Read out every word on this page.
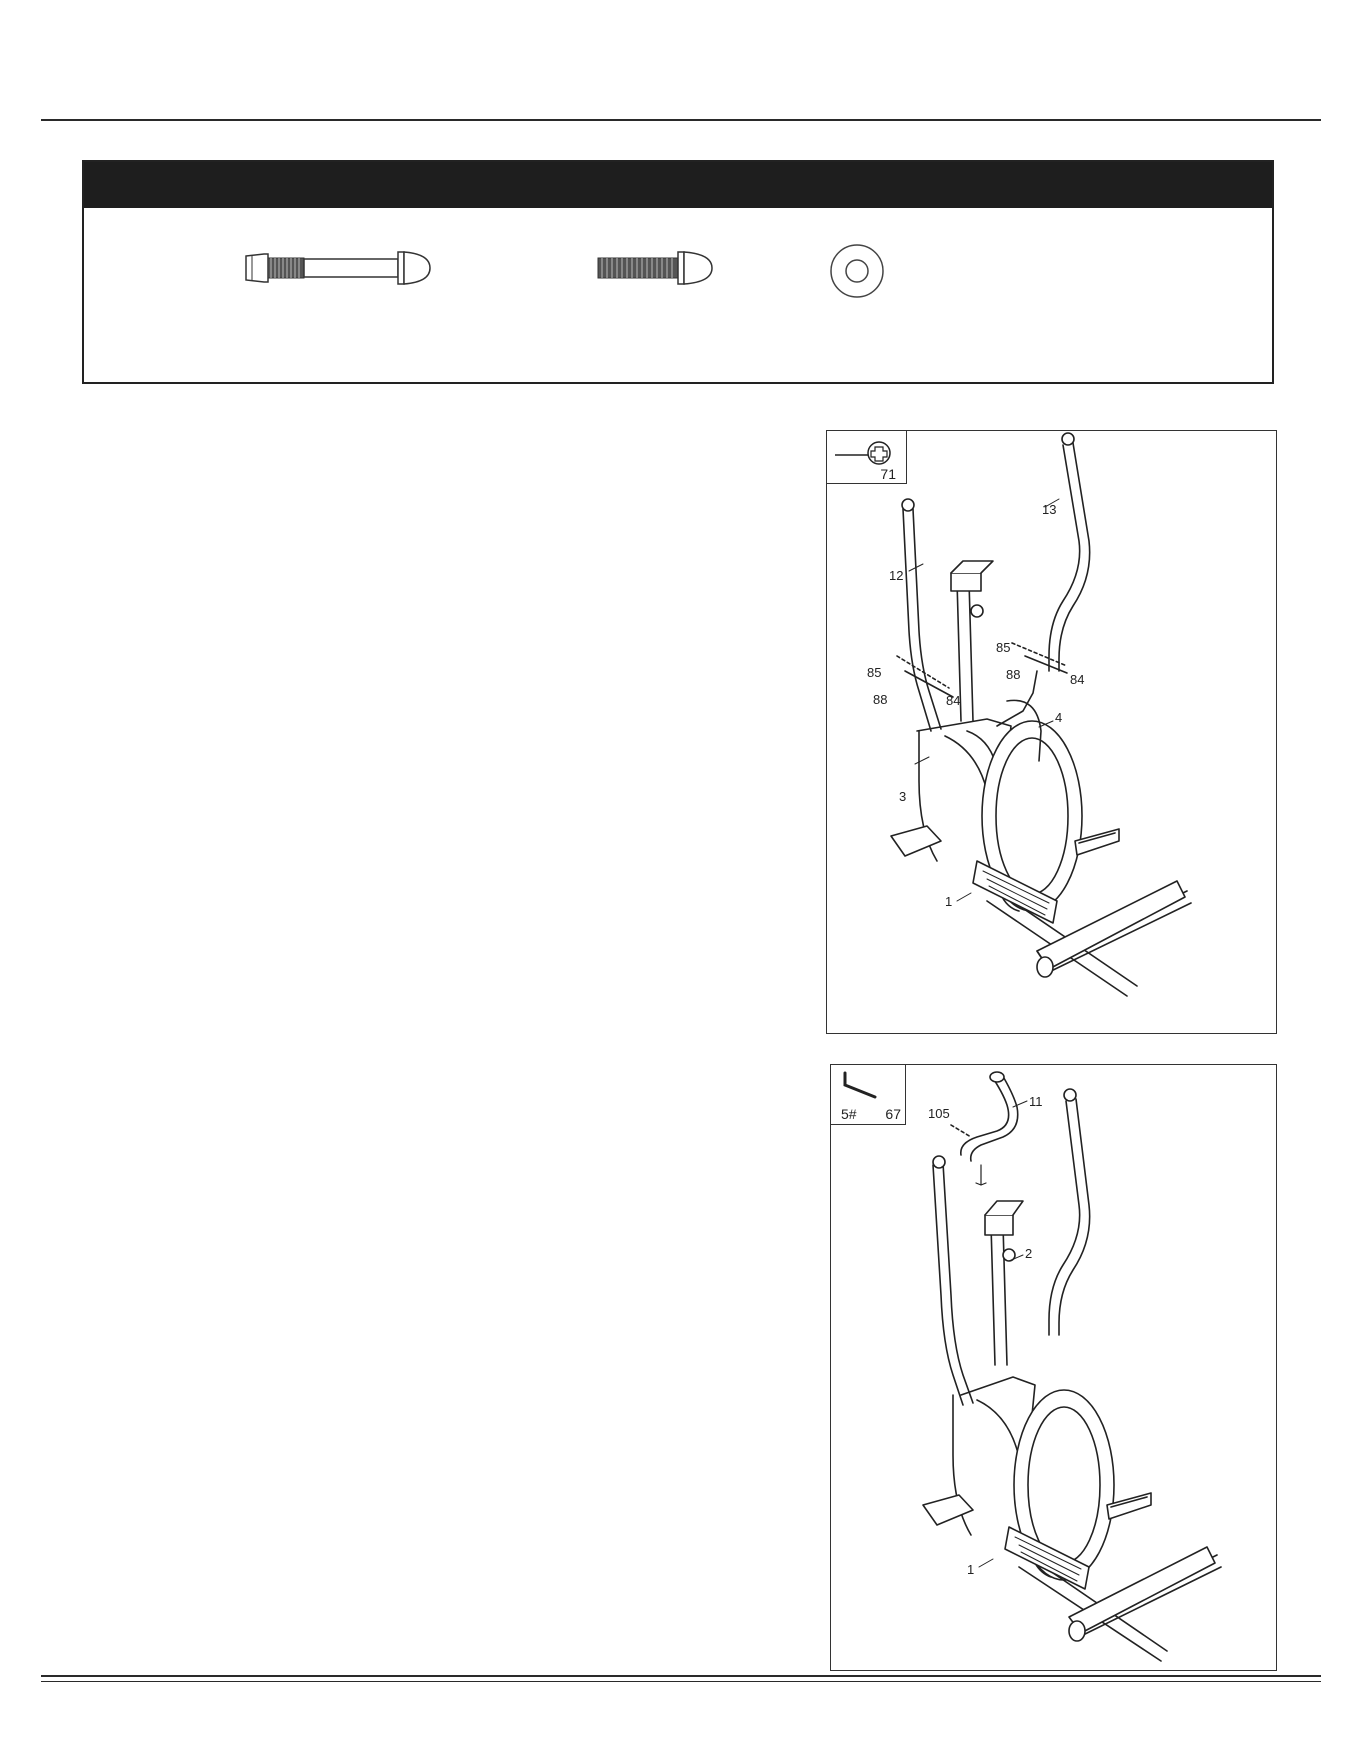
71
13
12
85
88	84
85
88	84
4
3
1
5# 67 105
11
2
1
